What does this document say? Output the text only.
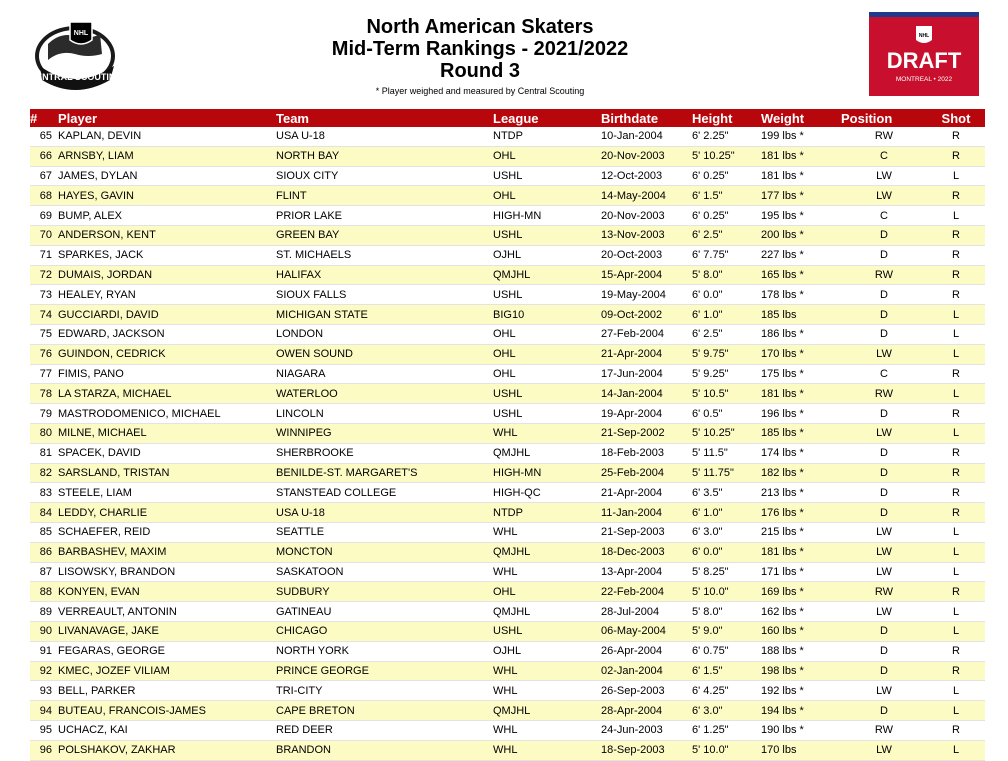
NHL
CENTRAL SCOUTING
North American Skaters
Mid-Term Rankings - 2021/2022
Round 3
* Player weighed and measured by Central Scouting
NHL
DRAFT
MONTREAL • 2022
#	Player	Team	League	Birthdate	Height	Weight	Position	Shot
65	KAPLAN, DEVIN	USA U-18	NTDP	10-Jan-2004	6' 2.25"	199 lbs *	RW	R
66	ARNSBY, LIAM	NORTH BAY	OHL	20-Nov-2003	5' 10.25"	181 lbs *	C	R
67	JAMES, DYLAN	SIOUX CITY	USHL	12-Oct-2003	6' 0.25"	181 lbs *	LW	L
68	HAYES, GAVIN	FLINT	OHL	14-May-2004	6' 1.5"	177 lbs *	LW	R
69	BUMP, ALEX	PRIOR LAKE	HIGH-MN	20-Nov-2003	6' 0.25"	195 lbs *	C	L
70	ANDERSON, KENT	GREEN BAY	USHL	13-Nov-2003	6' 2.5"	200 lbs *	D	R
71	SPARKES, JACK	ST. MICHAELS	OJHL	20-Oct-2003	6' 7.75"	227 lbs *	D	R
72	DUMAIS, JORDAN	HALIFAX	QMJHL	15-Apr-2004	5' 8.0"	165 lbs *	RW	R
73	HEALEY, RYAN	SIOUX FALLS	USHL	19-May-2004	6' 0.0"	178 lbs *	D	R
74	GUCCIARDI, DAVID	MICHIGAN STATE	BIG10	09-Oct-2002	6' 1.0"	185 lbs	D	L
75	EDWARD, JACKSON	LONDON	OHL	27-Feb-2004	6' 2.5"	186 lbs *	D	L
76	GUINDON, CEDRICK	OWEN SOUND	OHL	21-Apr-2004	5' 9.75"	170 lbs *	LW	L
77	FIMIS, PANO	NIAGARA	OHL	17-Jun-2004	5' 9.25"	175 lbs *	C	R
78	LA STARZA, MICHAEL	WATERLOO	USHL	14-Jan-2004	5' 10.5"	181 lbs *	RW	L
79	MASTRODOMENICO, MICHAEL	LINCOLN	USHL	19-Apr-2004	6' 0.5"	196 lbs *	D	R
80	MILNE, MICHAEL	WINNIPEG	WHL	21-Sep-2002	5' 10.25"	185 lbs *	LW	L
81	SPACEK, DAVID	SHERBROOKE	QMJHL	18-Feb-2003	5' 11.5"	174 lbs *	D	R
82	SARSLAND, TRISTAN	BENILDE-ST. MARGARET'S	HIGH-MN	25-Feb-2004	5' 11.75"	182 lbs *	D	R
83	STEELE, LIAM	STANSTEAD COLLEGE	HIGH-QC	21-Apr-2004	6' 3.5"	213 lbs *	D	R
84	LEDDY, CHARLIE	USA U-18	NTDP	11-Jan-2004	6' 1.0"	176 lbs *	D	R
85	SCHAEFER, REID	SEATTLE	WHL	21-Sep-2003	6' 3.0"	215 lbs *	LW	L
86	BARBASHEV, MAXIM	MONCTON	QMJHL	18-Dec-2003	6' 0.0"	181 lbs *	LW	L
87	LISOWSKY, BRANDON	SASKATOON	WHL	13-Apr-2004	5' 8.25"	171 lbs *	LW	L
88	KONYEN, EVAN	SUDBURY	OHL	22-Feb-2004	5' 10.0"	169 lbs *	RW	R
89	VERREAULT, ANTONIN	GATINEAU	QMJHL	28-Jul-2004	5' 8.0"	162 lbs *	LW	L
90	LIVANAVAGE, JAKE	CHICAGO	USHL	06-May-2004	5' 9.0"	160 lbs *	D	L
91	FEGARAS, GEORGE	NORTH YORK	OJHL	26-Apr-2004	6' 0.75"	188 lbs *	D	R
92	KMEC, JOZEF VILIAM	PRINCE GEORGE	WHL	02-Jan-2004	6' 1.5"	198 lbs *	D	R
93	BELL, PARKER	TRI-CITY	WHL	26-Sep-2003	6' 4.25"	192 lbs *	LW	L
94	BUTEAU, FRANCOIS-JAMES	CAPE BRETON	QMJHL	28-Apr-2004	6' 3.0"	194 lbs *	D	L
95	UCHACZ, KAI	RED DEER	WHL	24-Jun-2003	6' 1.25"	190 lbs *	RW	R
96	POLSHAKOV, ZAKHAR	BRANDON	WHL	18-Sep-2003	5' 10.0"	170 lbs	LW	L
